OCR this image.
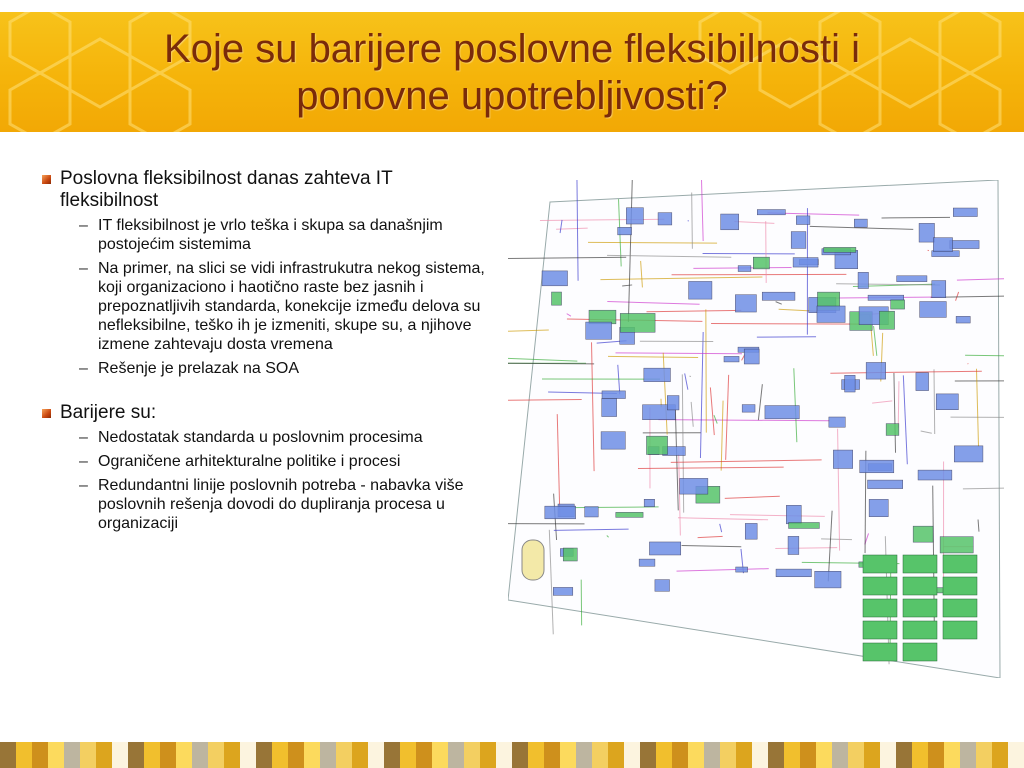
Koje su barijere poslovne fleksibilnosti i
ponovne upotrebljivosti?
Poslovna fleksibilnost danas zahteva IT fleksibilnost
– IT fleksibilnost je vrlo teška i skupa sa današnjim postojećim sistemima
– Na primer, na slici se vidi infrastrukutra nekog sistema, koji organizaciono i haotično raste bez jasnih i prepoznatljivih standarda, konekcije između delova su nefleksibilne, teško ih je izmeniti, skupe su, a njihove izmene zahtevaju dosta vremena
– Rešenje je prelazak na SOA
Barijere su:
– Nedostatak standarda u poslovnim procesima
– Ograničene arhitekturalne politike i procesi
– Redundantni linije poslovnih potreba - nabavka više poslovnih rešenja dovodi do dupliranja procesa u organizaciji
